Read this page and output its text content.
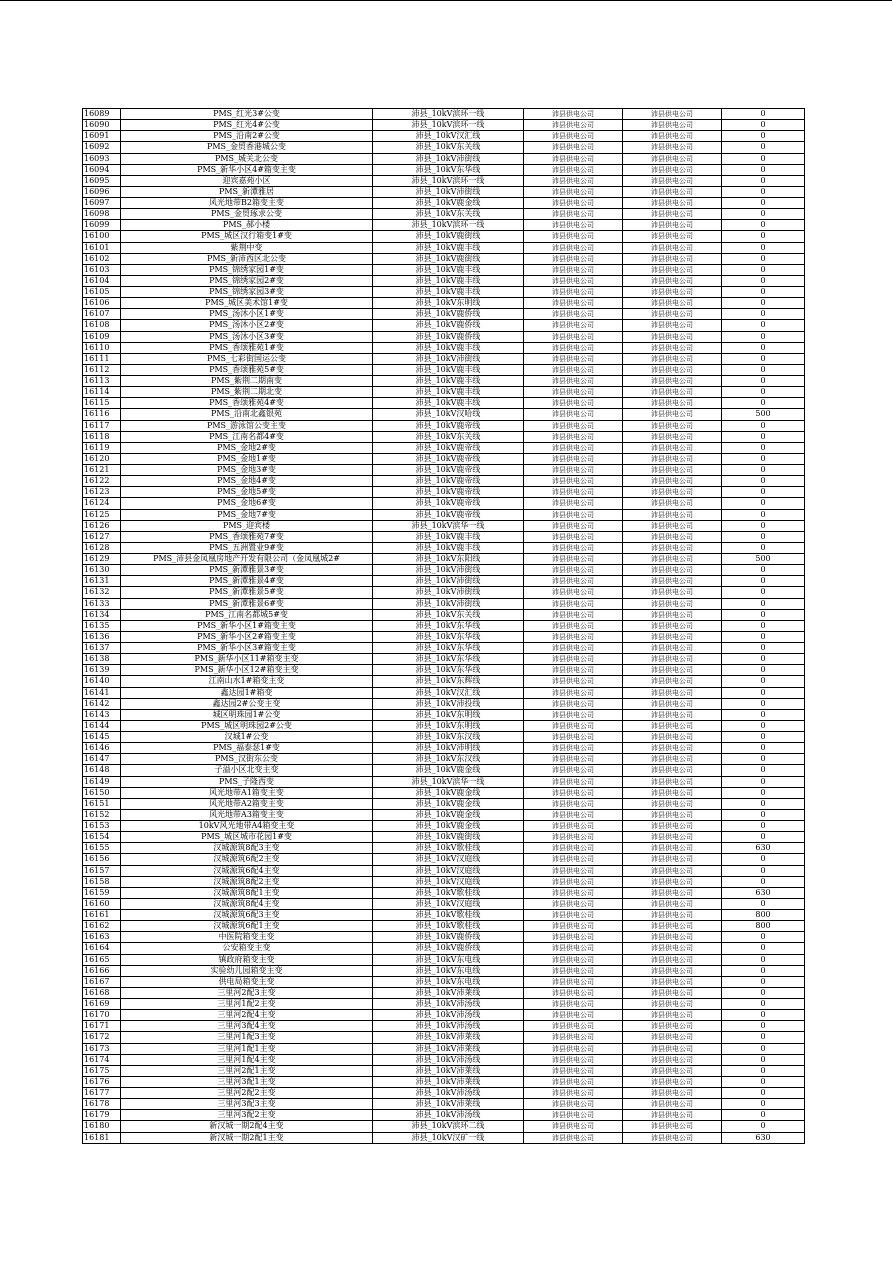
16089	PMS_红光3#公变	沛县_10kV滨环一线	沛县供电公司	沛县供电公司	0
16090	PMS_红光4#公变	沛县_10kV滨环一线	沛县供电公司	沛县供电公司	0
16091	PMS_沿南2#公变	沛县_10kV汉汇线	沛县供电公司	沛县供电公司	0
16092	PMS_金贸香港城公变	沛县_10kV东关线	沛县供电公司	沛县供电公司	0
16093	PMS_城关北公变	沛县_10kV沛街线	沛县供电公司	沛县供电公司	0
16094	PMS_新华小区4#箱变主变	沛县_10kV东华线	沛县供电公司	沛县供电公司	0
16095	迎宾嘉苑小区	沛县_10kV滨环一线	沛县供电公司	沛县供电公司	0
16096	PMS_新潭雅居	沛县_10kV沛街线	沛县供电公司	沛县供电公司	0
16097	风光地带B2箱变主变	沛县_10kV鹿金线	沛县供电公司	沛县供电公司	0
16098	PMS_金贸琢求公变	沛县_10kV东关线	沛县供电公司	沛县供电公司	0
16099	PMS_郝小楼	沛县_10kV滨环一线	沛县供电公司	沛县供电公司	0
16100	PMS_城区汉行箱变1#变	沛县_10kV鹿街线	沛县供电公司	沛县供电公司	0
16101	紫荆中变	沛县_10kV鹿丰线	沛县供电公司	沛县供电公司	0
16102	PMS_新沛西区北公变	沛县_10kV鹿街线	沛县供电公司	沛县供电公司	0
16103	PMS_锦绣家园1#变	沛县_10kV鹿丰线	沛县供电公司	沛县供电公司	0
16104	PMS_锦绣家园2#变	沛县_10kV鹿丰线	沛县供电公司	沛县供电公司	0
16105	PMS_锦绣家园3#变	沛县_10kV鹿丰线	沛县供电公司	沛县供电公司	0
16106	PMS_城区美术馆1#变	沛县_10kV东明线	沛县供电公司	沛县供电公司	0
16107	PMS_汤沐小区1#变	沛县_10kV鹿侨线	沛县供电公司	沛县供电公司	0
16108	PMS_汤沐小区2#变	沛县_10kV鹿侨线	沛县供电公司	沛县供电公司	0
16109	PMS_汤沐小区3#变	沛县_10kV鹿侨线	沛县供电公司	沛县供电公司	0
16110	PMS_香颂雅苑1#变	沛县_10kV鹿丰线	沛县供电公司	沛县供电公司	0
16111	PMS_七彩街国运公变	沛县_10kV沛街线	沛县供电公司	沛县供电公司	0
16112	PMS_香颂雅苑5#变	沛县_10kV鹿丰线	沛县供电公司	沛县供电公司	0
16113	PMS_紫荆二期南变	沛县_10kV鹿丰线	沛县供电公司	沛县供电公司	0
16114	PMS_紫荆二期北变	沛县_10kV鹿丰线	沛县供电公司	沛县供电公司	0
16115	PMS_香颂雅苑4#变	沛县_10kV鹿丰线	沛县供电公司	沛县供电公司	0
16116	PMS_沿南北鑫银苑	沛县_10kV汉哈线	沛县供电公司	沛县供电公司	500
16117	PMS_游泳馆公变主变	沛县_10kV鹿帝线	沛县供电公司	沛县供电公司	0
16118	PMS_江南名都4#变	沛县_10kV东关线	沛县供电公司	沛县供电公司	0
16119	PMS_金地2#变	沛县_10kV鹿帝线	沛县供电公司	沛县供电公司	0
16120	PMS_金地1#变	沛县_10kV鹿帝线	沛县供电公司	沛县供电公司	0
16121	PMS_金地3#变	沛县_10kV鹿帝线	沛县供电公司	沛县供电公司	0
16122	PMS_金地4#变	沛县_10kV鹿帝线	沛县供电公司	沛县供电公司	0
16123	PMS_金地5#变	沛县_10kV鹿帝线	沛县供电公司	沛县供电公司	0
16124	PMS_金地6#变	沛县_10kV鹿帝线	沛县供电公司	沛县供电公司	0
16125	PMS_金地7#变	沛县_10kV鹿帝线	沛县供电公司	沛县供电公司	0
16126	PMS_迎宾楼	沛县_10kV滨华一线	沛县供电公司	沛县供电公司	0
16127	PMS_香颂雅苑7#变	沛县_10kV鹿丰线	沛县供电公司	沛县供电公司	0
16128	PMS_五洲置业9#变	沛县_10kV鹿丰线	沛县供电公司	沛县供电公司	0
16129	PMS_沛县金凤凰房地产开发有限公司（金凤凰城2#	沛县_10kV东阳线	沛县供电公司	沛县供电公司	500
16130	PMS_新潭雅景3#变	沛县_10kV沛街线	沛县供电公司	沛县供电公司	0
16131	PMS_新潭雅景4#变	沛县_10kV沛街线	沛县供电公司	沛县供电公司	0
16132	PMS_新潭雅景5#变	沛县_10kV沛街线	沛县供电公司	沛县供电公司	0
16133	PMS_新潭雅景6#变	沛县_10kV沛街线	沛县供电公司	沛县供电公司	0
16134	PMS_江南名都城5#变	沛县_10kV东关线	沛县供电公司	沛县供电公司	0
16135	PMS_新华小区1#箱变主变	沛县_10kV东华线	沛县供电公司	沛县供电公司	0
16136	PMS_新华小区2#箱变主变	沛县_10kV东华线	沛县供电公司	沛县供电公司	0
16137	PMS_新华小区3#箱变主变	沛县_10kV东华线	沛县供电公司	沛县供电公司	0
16138	PMS_新华小区11#箱变主变	沛县_10kV东华线	沛县供电公司	沛县供电公司	0
16139	PMS_新华小区12#箱变主变	沛县_10kV东华线	沛县供电公司	沛县供电公司	0
16140	江南山水1#箱变主变	沛县_10kV东辉线	沛县供电公司	沛县供电公司	0
16141	鑫达园1#箱变	沛县_10kV汉汇线	沛县供电公司	沛县供电公司	0
16142	鑫达园2#公变主变	沛县_10kV沛投线	沛县供电公司	沛县供电公司	0
16143	城区明珠园1#公变	沛县_10kV东明线	沛县供电公司	沛县供电公司	0
16144	PMS_城区明珠园2#公变	沛县_10kV东明线	沛县供电公司	沛县供电公司	0
16145	汉城1#公变	沛县_10kV东汉线	沛县供电公司	沛县供电公司	0
16146	PMS_福泰瑟1#变	沛县_10kV沛明线	沛县供电公司	沛县供电公司	0
16147	PMS_汉街东公变	沛县_10kV东汉线	沛县供电公司	沛县供电公司	0
16148	子溢小区北变主变	沛县_10kV鹿金线	沛县供电公司	沛县供电公司	0
16149	PMS_子隆西变	沛县_10kV滨华一线	沛县供电公司	沛县供电公司	0
16150	风光地带A1箱变主变	沛县_10kV鹿金线	沛县供电公司	沛县供电公司	0
16151	风光地带A2箱变主变	沛县_10kV鹿金线	沛县供电公司	沛县供电公司	0
16152	风光地带A3箱变主变	沛县_10kV鹿金线	沛县供电公司	沛县供电公司	0
16153	10kV风光地带A4箱变主变	沛县_10kV鹿金线	沛县供电公司	沛县供电公司	0
16154	PMS_城区城市花园1#变	沛县_10kV鹿街线	沛县供电公司	沛县供电公司	0
16155	汉城源筑8配3主变	沛县_10kV歌桂线	沛县供电公司	沛县供电公司	630
16156	汉城源筑6配2主变	沛县_10kV汉庭线	沛县供电公司	沛县供电公司	0
16157	汉城源筑6配4主变	沛县_10kV汉庭线	沛县供电公司	沛县供电公司	0
16158	汉城源筑8配2主变	沛县_10kV汉庭线	沛县供电公司	沛县供电公司	0
16159	汉城源筑8配1主变	沛县_10kV歌桂线	沛县供电公司	沛县供电公司	630
16160	汉城源筑8配4主变	沛县_10kV汉庭线	沛县供电公司	沛县供电公司	0
16161	汉城源筑6配3主变	沛县_10kV歌桂线	沛县供电公司	沛县供电公司	800
16162	汉城源筑6配1主变	沛县_10kV歌桂线	沛县供电公司	沛县供电公司	800
16163	中医院箱变主变	沛县_10kV鹿侨线	沛县供电公司	沛县供电公司	0
16164	公安箱变主变	沛县_10kV鹿侨线	沛县供电公司	沛县供电公司	0
16165	镇政府箱变主变	沛县_10kV东电线	沛县供电公司	沛县供电公司	0
16166	实验幼儿园箱变主变	沛县_10kV东电线	沛县供电公司	沛县供电公司	0
16167	供电局箱变主变	沛县_10kV东电线	沛县供电公司	沛县供电公司	0
16168	三里河2配3主变	沛县_10kV沛莱线	沛县供电公司	沛县供电公司	0
16169	三里河1配2主变	沛县_10kV沛汤线	沛县供电公司	沛县供电公司	0
16170	三里河2配4主变	沛县_10kV沛汤线	沛县供电公司	沛县供电公司	0
16171	三里河3配4主变	沛县_10kV沛汤线	沛县供电公司	沛县供电公司	0
16172	三里河1配3主变	沛县_10kV沛莱线	沛县供电公司	沛县供电公司	0
16173	三里河1配1主变	沛县_10kV沛莱线	沛县供电公司	沛县供电公司	0
16174	三里河1配4主变	沛县_10kV沛汤线	沛县供电公司	沛县供电公司	0
16175	三里河2配1主变	沛县_10kV沛莱线	沛县供电公司	沛县供电公司	0
16176	三里河3配1主变	沛县_10kV沛莱线	沛县供电公司	沛县供电公司	0
16177	三里河2配2主变	沛县_10kV沛汤线	沛县供电公司	沛县供电公司	0
16178	三里河3配3主变	沛县_10kV沛莱线	沛县供电公司	沛县供电公司	0
16179	三里河3配2主变	沛县_10kV沛汤线	沛县供电公司	沛县供电公司	0
16180	新汉城一期2配4主变	沛县_10kV滨环二线	沛县供电公司	沛县供电公司	0
16181	新汉城一期2配1主变	沛县_10kV汉矿一线	沛县供电公司	沛县供电公司	630
